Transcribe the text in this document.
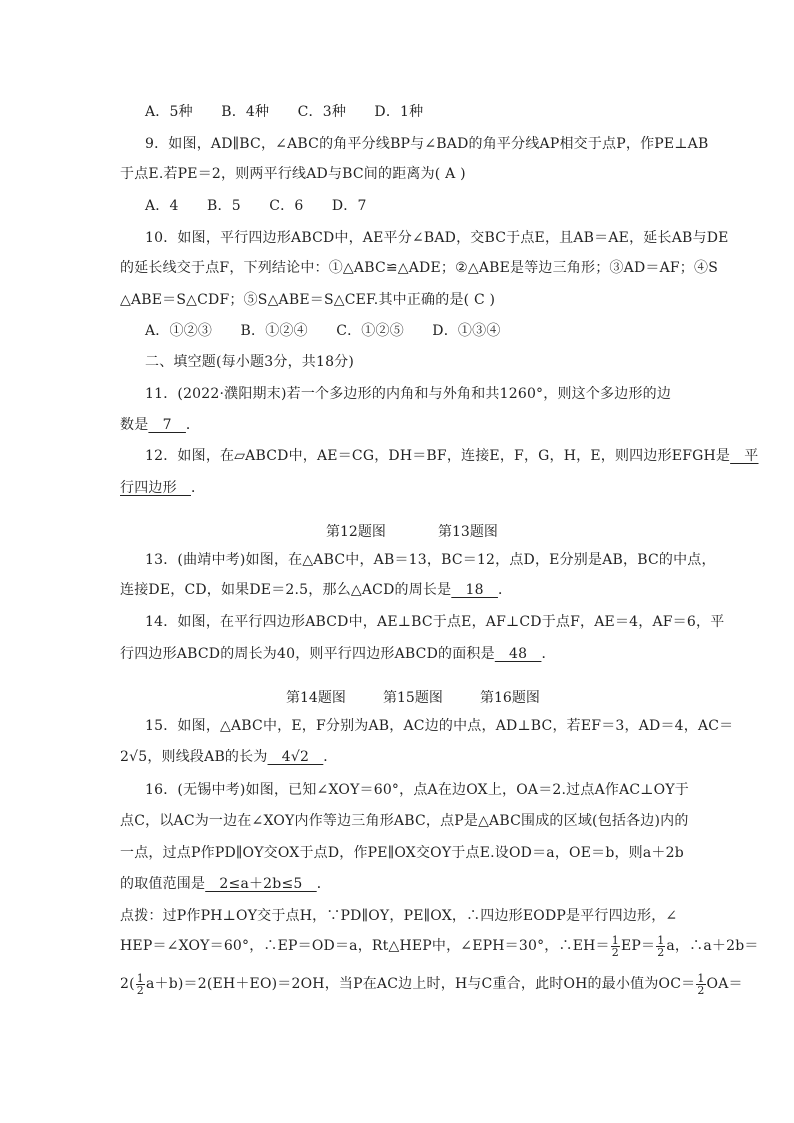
A．5种　　B．4种　　C．3种　　D．1种
9．如图，AD∥BC，∠ABC的角平分线BP与∠BAD的角平分线AP相交于点P，作PE⊥AB
于点E.若PE＝2，则两平行线AD与BC间的距离为( A )
A．4　　B．5　　C．6　　D．7
10．如图，平行四边形ABCD中，AE平分∠BAD，交BC于点E，且AB＝AE，延长AB与DE
的延长线交于点F，下列结论中：①△ABC≌△ADE；②△ABE是等边三角形；③AD＝AF；④S
△ABE＝S△CDF；⑤S△ABE＝S△CEF.其中正确的是( C )
A．①②③　　B．①②④　　C．①②⑤　　D．①③④
二、填空题(每小题3分，共18分)
11．(2022·濮阳期末)若一个多边形的内角和与外角和共1260°，则这个多边形的边
数是　7　．
12．如图，在▱ABCD中，AE＝CG，DH＝BF，连接E，F，G，H，E，则四边形EFGH是　平
行四边形　．
第12题图	第13题图
13．(曲靖中考)如图，在△ABC中，AB＝13，BC＝12，点D，E分别是AB，BC的中点，
连接DE，CD，如果DE＝2.5，那么△ACD的周长是　18　．
14．如图，在平行四边形ABCD中，AE⊥BC于点E，AF⊥CD于点F，AE＝4，AF＝6，平
行四边形ABCD的周长为40，则平行四边形ABCD的面积是　48　．
第14题图	第15题图	第16题图
15．如图，△ABC中，E，F分别为AB，AC边的中点，AD⊥BC，若EF＝3，AD＝4，AC＝
2√5，则线段AB的长为　4√2　．
16．(无锡中考)如图，已知∠XOY＝60°，点A在边OX上，OA＝2.过点A作AC⊥OY于
点C，以AC为一边在∠XOY内作等边三角形ABC，点P是△ABC围成的区域(包括各边)内的
一点，过点P作PD∥OY交OX于点D，作PE∥OX交OY于点E.设OD＝a，OE＝b，则a＋2b
的取值范围是　2≤a＋2b≤5　．
点拨：过P作PH⊥OY交于点H，∵PD∥OY，PE∥OX，∴四边形EODP是平行四边形，∠
HEP＝∠XOY＝60°，∴EP＝OD＝a，Rt△HEP中，∠EPH＝30°，∴EH＝ $\frac{1}{2} EP= \frac{1}{2}$ a，∴a＋2b＝
$2( \frac{1}{2} a+b)=2(EH+EO)=2OH$，当P在AC边上时，H与C重合，此时OH的最小值为$OC= \frac{1}{2} OA=$
